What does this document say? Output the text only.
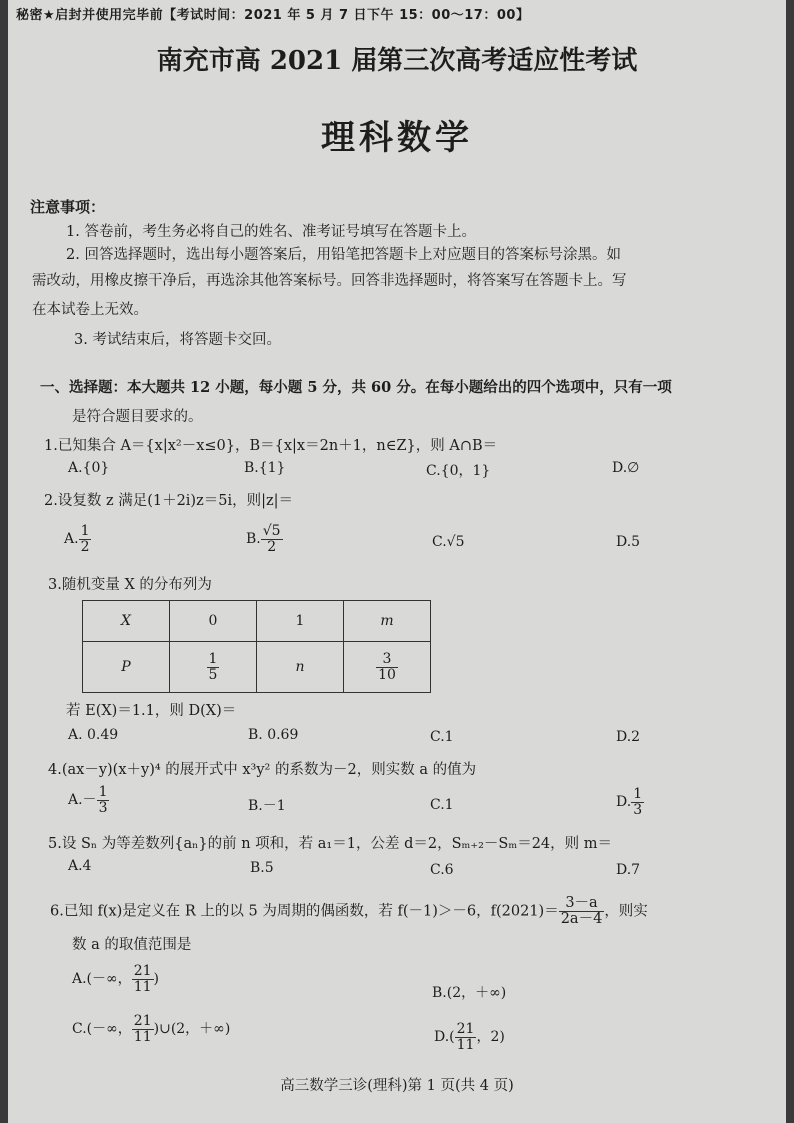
秘密★启封并使用完毕前【考试时间：2021 年 5 月 7 日下午 15：00～17：00】
南充市高 2021 届第三次高考适应性考试
理科数学
注意事项：
1. 答卷前，考生务必将自己的姓名、准考证号填写在答题卡上。
2. 回答选择题时，选出每小题答案后，用铅笔把答题卡上对应题目的答案标号涂黑。如
需改动，用橡皮擦干净后，再选涂其他答案标号。回答非选择题时，将答案写在答题卡上。写
在本试卷上无效。
3. 考试结束后，将答题卡交回。
一、选择题：本大题共 12 小题，每小题 5 分，共 60 分。在每小题给出的四个选项中，只有一项
是符合题目要求的。
1.已知集合 A＝{x|x²－x≤0}，B＝{x|x＝2n＋1，n∈Z}，则 A∩B＝
A.{0}	B.{1}	C.{0，1}	D.∅
2.设复数 z 满足(1＋2i)z＝5i，则|z|＝
A. $\frac{1}{2}$	B. $\frac{√5}{2}$	C.√5	D.5
3.随机变量 X 的分布列为
X	0	1	m
P	$\frac{1}{5}$	n	$\frac{3}{10}$
若 E(X)＝1.1，则 D(X)＝
A. 0.49	B. 0.69	C.1	D.2
4.(ax－y)(x＋y)⁴ 的展开式中 x³y² 的系数为－2，则实数 a 的值为
$A.- \frac{1}{3}$	B.－1	C.1	D. $\frac{1}{3}$
5.设 Sₙ 为等差数列{aₙ}的前 n 项和，若 a₁＝1，公差 d＝2，Sₘ₊₂－Sₘ＝24，则 m＝
A.4	B.5	C.6	D.7
6.已知 f(x)是定义在 R 上的以 5 为周期的偶函数，若 f(－1)＞－6，$f(2021)= \frac{3-a}{2a-4}$ ，则实
数 a 的取值范围是
A.(－∞， $\frac{21}{11}$ )
B.(2，＋∞)
C.(－∞， $\frac{21}{11}$ )∪(2，＋∞)	$D.( \frac{21}{11}$ ，2)
高三数学三诊(理科)第 1 页(共 4 页)
